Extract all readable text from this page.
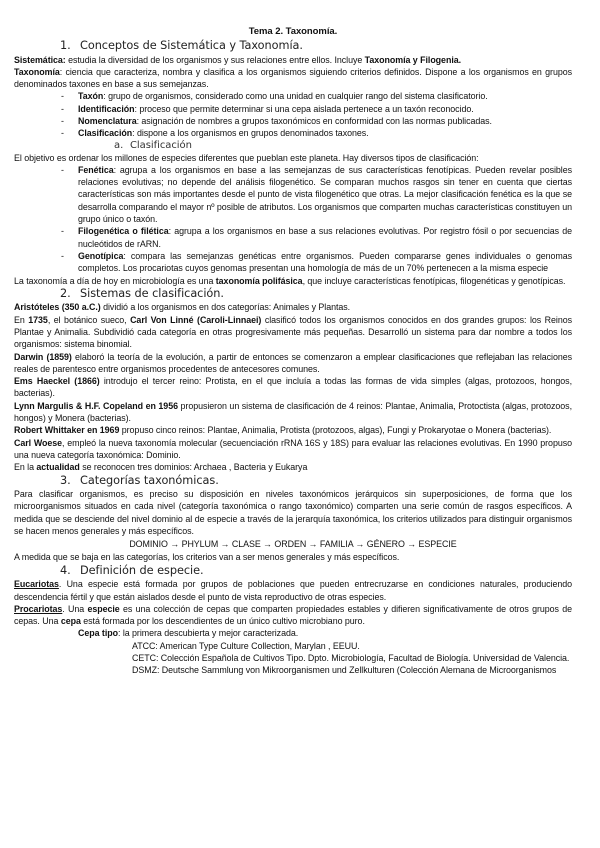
Tema 2. Taxonomía.
1. Conceptos de Sistemática y Taxonomía.

Sistemática: estudia la diversidad de los organismos y sus relaciones entre ellos. Incluye Taxonomía y Filogenia.

Taxonomía: ciencia que caracteriza, nombra y clasifica a los organismos siguiendo criterios definidos. Dispone a los organismos en grupos denominados taxones en base a sus semejanzas.

- Taxón: grupo de organismos, considerado como una unidad en cualquier rango del sistema clasificatorio.
- Identificación: proceso que permite determinar si una cepa aislada pertenece a un taxón reconocido.
- Nomenclatura: asignación de nombres a grupos taxonómicos en conformidad con las normas publicadas.
- Clasificación: dispone a los organismos en grupos denominados taxones.
a. Clasificación

El objetivo es ordenar los millones de especies diferentes que pueblan este planeta. Hay diversos tipos de clasificación:

- Fenética: agrupa a los organismos en base a las semejanzas de sus características fenotípicas. Pueden revelar posibles relaciones evolutivas; no depende del análisis filogenético. Se comparan muchos rasgos sin tener en cuenta que ciertas características son más importantes desde el punto de vista filogenético que otras. La mejor clasificación fenética es la que se desarrolla comparando el mayor nº posible de atributos. Los organismos que comparten muchas características constituyen un grupo único o taxón.
- Filogenética o filética: agrupa a los organismos en base a sus relaciones evolutivas. Por registro fósil o por secuencias de nucleótidos de rARN.
- Genotípica: compara las semejanzas genéticas entre organismos. Pueden compararse genes individuales o genomas completos. Los procariotas cuyos genomas presentan una homología de más de un 70% pertenecen a la misma especie

La taxonomía a día de hoy en microbiología es una taxonomía polifásica, que incluye características fenotípicas, filogenéticas y genotípicas.

2. Sistemas de clasificación.

Aristóteles (350 a.C.) dividió a los organismos en dos categorías: Animales y Plantas.

En 1735, el botánico sueco, Carl Von Linné (Caroli-Linnaei) clasificó todos los organismos conocidos en dos grandes grupos: los Reinos Plantae y Animalia. Subdividió cada categoría en otras progresivamente más pequeñas. Desarrolló un sistema para dar nombre a todos los organismos: sistema binomial.

Darwin (1859) elaboró la teoría de la evolución, a partir de entonces se comenzaron a emplear clasificaciones que reflejaban las relaciones reales de parentesco entre organismos procedentes de antecesores comunes.

Ems Haeckel (1866) introdujo el tercer reino: Protista, en el que incluía a todas las formas de vida simples (algas, protozoos, hongos, bacterias).

Lynn Margulis & H.F. Copeland en 1956 propusieron un sistema de clasificación de 4 reinos: Plantae, Animalia, Protoctista (algas, protozoos, hongos) y Monera (bacterias).

Robert Whittaker en 1969 propuso cinco reinos: Plantae, Animalia, Protista (protozoos, algas), Fungi y Prokaryotae o Monera (bacterias).

Carl Woese, empleó la nueva taxonomía molecular (secuenciación rRNA 16S y 18S) para evaluar las relaciones evolutivas. En 1990 propuso una nueva categoría taxonómica: Dominio.

En la actualidad se reconocen tres dominios: Archaea , Bacteria y Eukarya

3. Categorías taxonómicas.

Para clasificar organismos, es preciso su disposición en niveles taxonómicos jerárquicos sin superposiciones, de forma que los microorganismos situados en cada nivel (categoría taxonómica o rango taxonómico) comparten una serie común de rasgos específicos. A medida que se desciende del nivel dominio al de especie a través de la jerarquía taxonómica, los criterios utilizados para distinguir organismos se hacen menos generales y más específicos.

DOMINIO → PHYLUM → CLASE → ORDEN → FAMILIA → GÉNERO → ESPECIE

A medida que se baja en las categorías, los criterios van a ser menos generales y más específicos.

4. Definición de especie.

Eucariotas. Una especie está formada por grupos de poblaciones que pueden entrecruzarse en condiciones naturales, produciendo descendencia fértil y que están aislados desde el punto de vista reproductivo de otras especies.

Procariotas. Una especie es una colección de cepas que comparten propiedades estables y difieren significativamente de otros grupos de cepas. Una cepa está formada por los descendientes de un único cultivo microbiano puro.

Cepa tipo: la primera descubierta y mejor caracterizada.

ATCC: American Type Culture Collection, Marylan , EEUU.

CETC: Colección Española de Cultivos Tipo. Dpto. Microbiología, Facultad de Biología. Universidad de Valencia.

DSMZ: Deutsche Sammlung von Mikroorganismen und Zellkulturen (Colección Alemana de Microorganismos
